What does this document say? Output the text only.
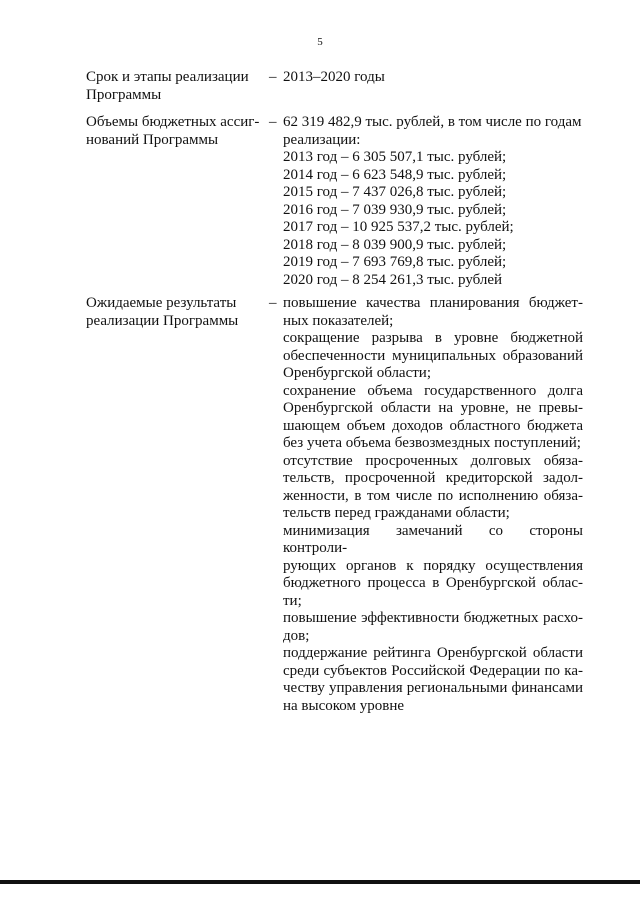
5
Срок и этапы реализации
Программы
– 2013–2020 годы
Объемы бюджетных ассиг-
нований Программы
– 62 319 482,9 тыс. рублей, в том числе по годам
реализации:
2013 год – 6 305 507,1 тыс. рублей;
2014 год – 6 623 548,9 тыс. рублей;
2015 год – 7 437 026,8 тыс. рублей;
2016 год – 7 039 930,9 тыс. рублей;
2017 год – 10 925 537,2 тыс. рублей;
2018 год – 8 039 900,9 тыс. рублей;
2019 год – 7 693 769,8 тыс. рублей;
2020 год – 8 254 261,3 тыс. рублей
Ожидаемые результаты
реализации Программы
– повышение качества планирования бюджет-
ных показателей;
сокращение разрыва в уровне бюджетной
обеспеченности муниципальных образований
Оренбургской области;
сохранение объема государственного долга
Оренбургской области на уровне, не превы-
шающем объем доходов областного бюджета
без учета объема безвозмездных поступлений;
отсутствие просроченных долговых обяза-
тельств, просроченной кредиторской задол-
женности, в том числе по исполнению обяза-
тельств перед гражданами области;
минимизация замечаний со стороны контроли-
рующих органов к порядку осуществления
бюджетного процесса в Оренбургской облас-
ти;
повышение эффективности бюджетных расхо-
дов;
поддержание рейтинга Оренбургской области
среди субъектов Российской Федерации по ка-
честву управления региональными финансами
на высоком уровне
